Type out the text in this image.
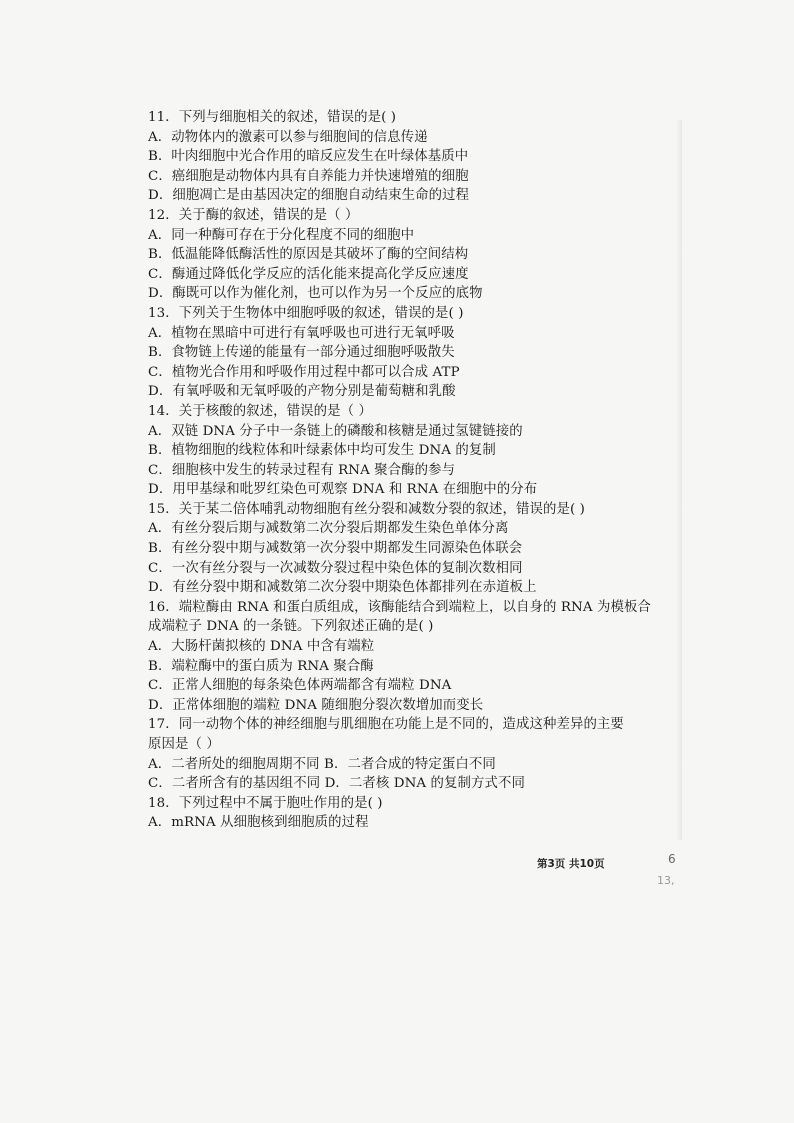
11．下列与细胞相关的叙述，错误的是( )
A．动物体内的激素可以参与细胞间的信息传递
B．叶肉细胞中光合作用的暗反应发生在叶绿体基质中
C．癌细胞是动物体内具有自养能力并快速增殖的细胞
D．细胞凋亡是由基因决定的细胞自动结束生命的过程
12．关于酶的叙述，错误的是（ ）
A．同一种酶可存在于分化程度不同的细胞中
B．低温能降低酶活性的原因是其破坏了酶的空间结构
C．酶通过降低化学反应的活化能来提高化学反应速度
D．酶既可以作为催化剂，也可以作为另一个反应的底物
13．下列关于生物体中细胞呼吸的叙述，错误的是( )
A．植物在黑暗中可进行有氧呼吸也可进行无氧呼吸
B．食物链上传递的能量有一部分通过细胞呼吸散失
C．植物光合作用和呼吸作用过程中都可以合成 ATP
D．有氧呼吸和无氧呼吸的产物分别是葡萄糖和乳酸
14．关于核酸的叙述，错误的是（ ）
A．双链 DNA 分子中一条链上的磷酸和核糖是通过氢键链接的
B．植物细胞的线粒体和叶绿素体中均可发生 DNA 的复制
C．细胞核中发生的转录过程有 RNA 聚合酶的参与
D．用甲基绿和吡罗红染色可观察 DNA 和 RNA 在细胞中的分布
15．关于某二倍体哺乳动物细胞有丝分裂和减数分裂的叙述，错误的是( )
A．有丝分裂后期与减数第二次分裂后期都发生染色单体分离
B．有丝分裂中期与减数第一次分裂中期都发生同源染色体联会
C．一次有丝分裂与一次减数分裂过程中染色体的复制次数相同
D．有丝分裂中期和减数第二次分裂中期染色体都排列在赤道板上
16．端粒酶由 RNA 和蛋白质组成，该酶能结合到端粒上，以自身的 RNA 为模板合
成端粒子 DNA 的一条链。下列叙述正确的是( )
A．大肠杆菌拟核的 DNA 中含有端粒
B．端粒酶中的蛋白质为 RNA 聚合酶
C．正常人细胞的每条染色体两端都含有端粒 DNA
D．正常体细胞的端粒 DNA 随细胞分裂次数增加而变长
17．同一动物个体的神经细胞与肌细胞在功能上是不同的，造成这种差异的主要
原因是（ ）
A．二者所处的细胞周期不同 B．二者合成的特定蛋白不同
C．二者所含有的基因组不同 D．二者核 DNA 的复制方式不同
18．下列过程中不属于胞吐作用的是( )
A．mRNA 从细胞核到细胞质的过程
第3页 共10页	6
13,
